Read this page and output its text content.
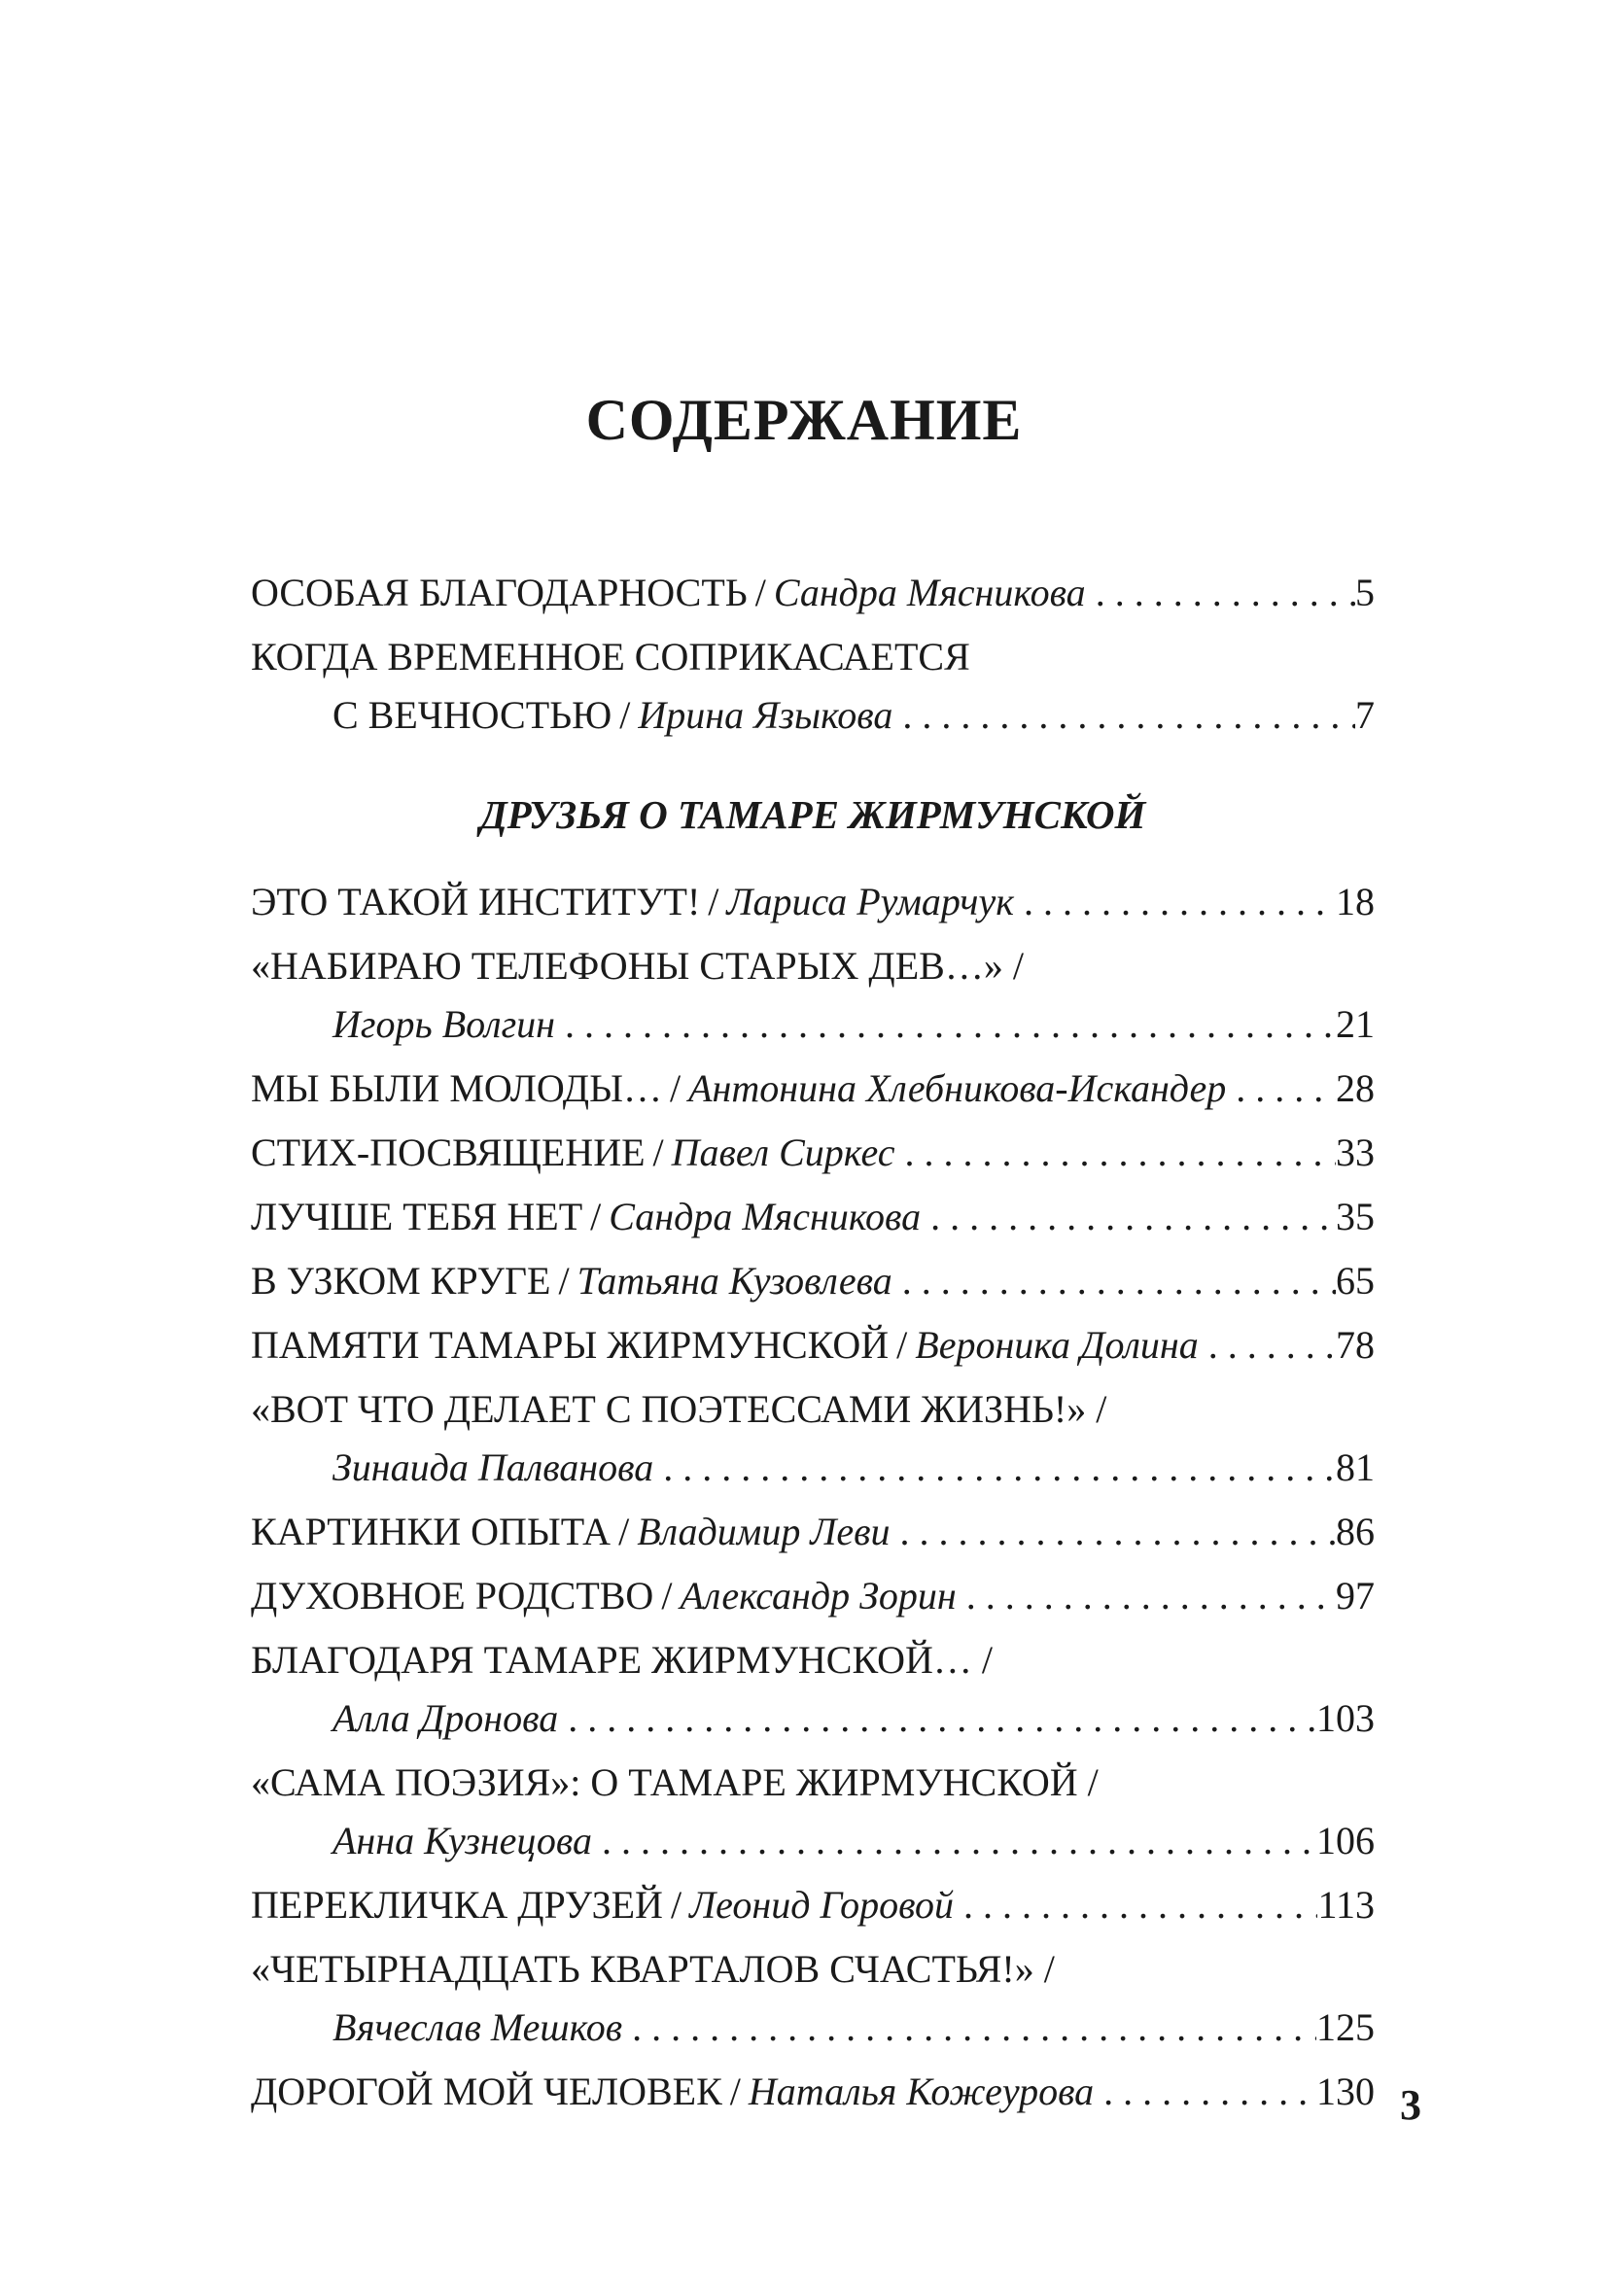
СОДЕРЖАНИЕ
ОСОБАЯ БЛАГОДАРНОСТЬ / Сандра Мясникова . . .	5
КОГДА ВРЕМЕННОЕ СОПРИКАСАЕТСЯ
С ВЕЧНОСТЬЮ / Ирина Языкова . . .	7
ДРУЗЬЯ О ТАМАРЕ ЖИРМУНСКОЙ
ЭТО ТАКОЙ ИНСТИТУТ! / Лариса Румарчук . . .	18
«НАБИРАЮ ТЕЛЕФОНЫ СТАРЫХ ДЕВ…» /
Игорь Волгин . . .	21
МЫ БЫЛИ МОЛОДЫ… / Антонина Хлебникова-Искандер . . .	28
СТИХ-ПОСВЯЩЕНИЕ / Павел Сиркес . . .	33
ЛУЧШЕ ТЕБЯ НЕТ / Сандра Мясникова . . .	35
В УЗКОМ КРУГЕ / Татьяна Кузовлева . . .	65
ПАМЯТИ ТАМАРЫ ЖИРМУНСКОЙ / Вероника Долина . . .	78
«ВОТ ЧТО ДЕЛАЕТ С ПОЭТЕССАМИ ЖИЗНЬ!» /
Зинаида Палванова . . .	81
КАРТИНКИ ОПЫТА / Владимир Леви . . .	86
ДУХОВНОЕ РОДСТВО / Александр Зорин . . .	97
БЛАГОДАРЯ ТАМАРЕ ЖИРМУНСКОЙ… /
Алла Дронова . . .	103
«САМА ПОЭЗИЯ»: О ТАМАРЕ ЖИРМУНСКОЙ /
Анна Кузнецова . . .	106
ПЕРЕКЛИЧКА ДРУЗЕЙ / Леонид Горовой . . .	113
«ЧЕТЫРНАДЦАТЬ КВАРТАЛОВ СЧАСТЬЯ!» /
Вячеслав Мешков . . .	125
ДОРОГОЙ МОЙ ЧЕЛОВЕК / Наталья Кожеурова . . .	130 3
